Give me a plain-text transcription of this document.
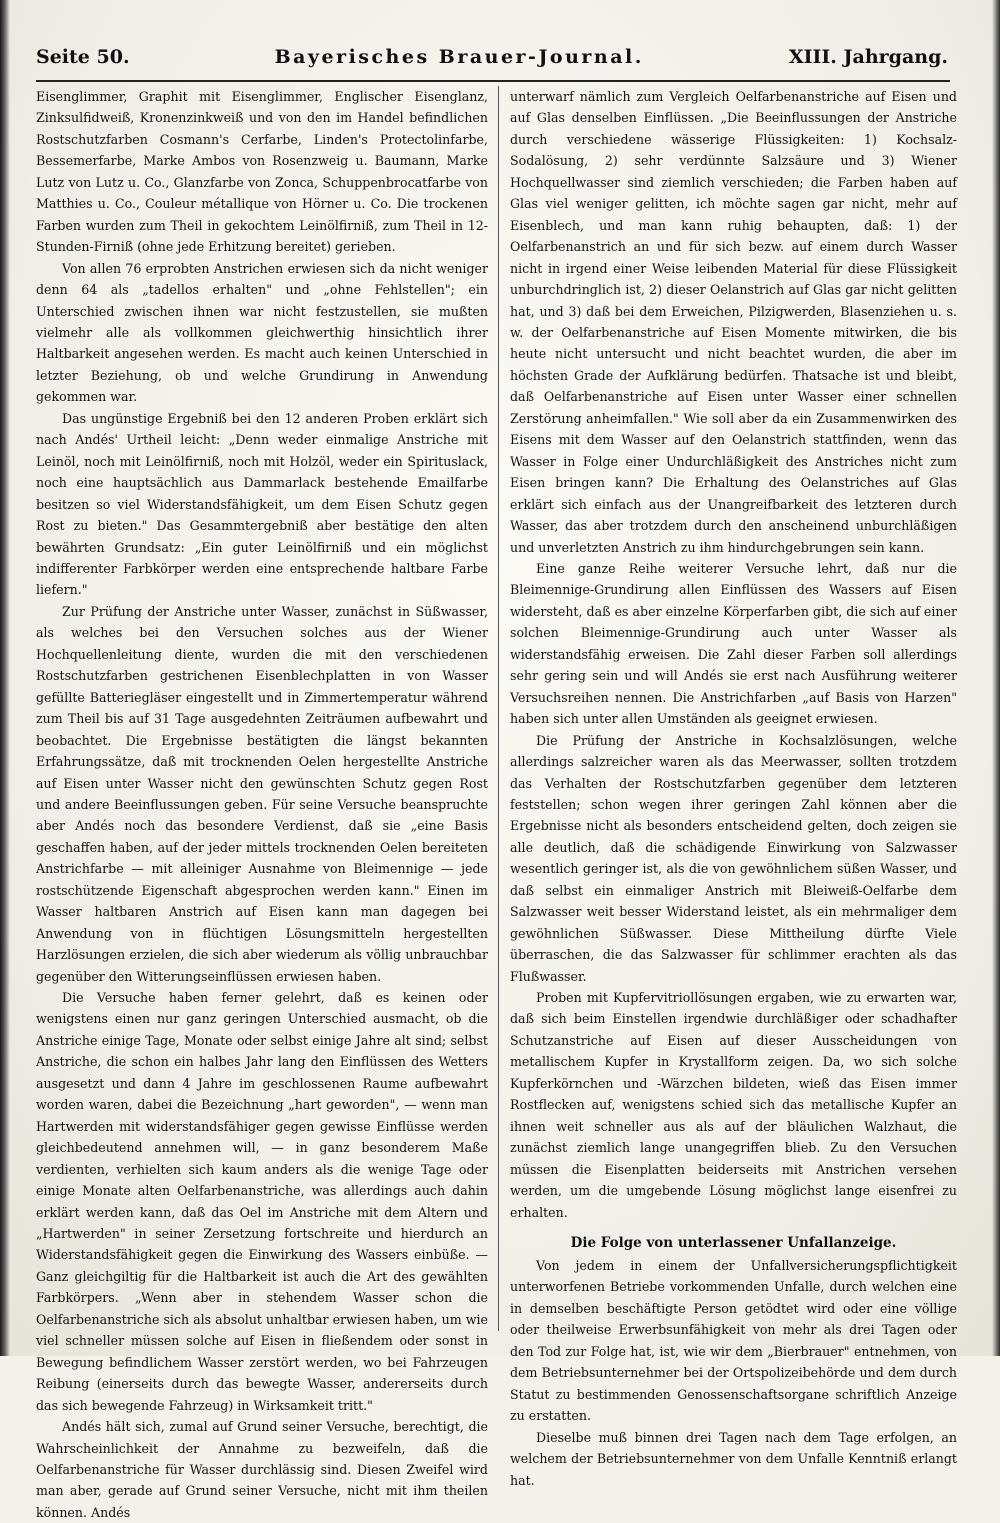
Seite 50.	Bayerisches Brauer-Journal.	XIII. Jahrgang.

Eisenglimmer, Graphit mit Eisenglimmer, Englischer Eisenglanz, Zinksulfidweiß, Kronenzinkweiß und von den im Handel befindlichen Rostschutzfarben Cosmann's Cerfarbe, Linden's Protectolinfarbe, Bessemerfarbe, Marke Ambos von Rosenzweig u. Baumann, Marke Lutz von Lutz u. Co., Glanzfarbe von Zonca, Schuppenbrocatfarbe von Matthies u. Co., Couleur métallique von Hörner u. Co. Die trockenen Farben wurden zum Theil in gekochtem Leinölfirniß, zum Theil in 12-Stunden-Firniß (ohne jede Erhitzung bereitet) gerieben.

Von allen 76 erprobten Anstrichen erwiesen sich da nicht weniger denn 64 als „tadellos erhalten" und „ohne Fehlstellen"; ein Unterschied zwischen ihnen war nicht festzustellen, sie mußten vielmehr alle als vollkommen gleichwerthig hinsichtlich ihrer Haltbarkeit angesehen werden. Es macht auch keinen Unterschied in letzter Beziehung, ob und welche Grundirung in Anwendung gekommen war.

Das ungünstige Ergebniß bei den 12 anderen Proben erklärt sich nach Andés' Urtheil leicht: „Denn weder einmalige Anstriche mit Leinöl, noch mit Leinölfirniß, noch mit Holzöl, weder ein Spirituslack, noch eine hauptsächlich aus Dammarlack bestehende Emailfarbe besitzen so viel Widerstandsfähigkeit, um dem Eisen Schutz gegen Rost zu bieten." Das Gesammtergebniß aber bestätige den alten bewährten Grundsatz: „Ein guter Leinölfirniß und ein möglichst indifferenter Farbkörper werden eine entsprechende haltbare Farbe liefern."

Zur Prüfung der Anstriche unter Wasser, zunächst in Süßwasser, als welches bei den Versuchen solches aus der Wiener Hochquellenleitung diente, wurden die mit den verschiedenen Rostschutzfarben gestrichenen Eisenblechplatten in von Wasser gefüllte Batteriegläser eingestellt und in Zimmertemperatur während zum Theil bis auf 31 Tage ausgedehnten Zeiträumen aufbewahrt und beobachtet. Die Ergebnisse bestätigten die längst bekannten Erfahrungssätze, daß mit trocknenden Oelen hergestellte Anstriche auf Eisen unter Wasser nicht den gewünschten Schutz gegen Rost und andere Beeinflussungen geben. Für seine Versuche beanspruchte aber Andés noch das besondere Verdienst, daß sie „eine Basis geschaffen haben, auf der jeder mittels trocknenden Oelen bereiteten Anstrichfarbe — mit alleiniger Ausnahme von Bleimennige — jede rostschützende Eigenschaft abgesprochen werden kann." Einen im Wasser haltbaren Anstrich auf Eisen kann man dagegen bei Anwendung von in flüchtigen Lösungsmitteln hergestellten Harzlösungen erzielen, die sich aber wiederum als völlig unbrauchbar gegenüber den Witterungseinflüssen erwiesen haben.

Die Versuche haben ferner gelehrt, daß es keinen oder wenigstens einen nur ganz geringen Unterschied ausmacht, ob die Anstriche einige Tage, Monate oder selbst einige Jahre alt sind; selbst Anstriche, die schon ein halbes Jahr lang den Einflüssen des Wetters ausgesetzt und dann 4 Jahre im geschlossenen Raume aufbewahrt worden waren, dabei die Bezeichnung „hart geworden", — wenn man Hartwerden mit widerstandsfähiger gegen gewisse Einflüsse werden gleichbedeutend annehmen will, — in ganz besonderem Maße verdienten, verhielten sich kaum anders als die wenige Tage oder einige Monate alten Oelfarbenanstriche, was allerdings auch dahin erklärt werden kann, daß das Oel im Anstriche mit dem Altern und „Hartwerden" in seiner Zersetzung fortschreite und hierdurch an Widerstandsfähigkeit gegen die Einwirkung des Wassers einbüße. — Ganz gleichgiltig für die Haltbarkeit ist auch die Art des gewählten Farbkörpers. „Wenn aber in stehendem Wasser schon die Oelfarbenanstriche sich als absolut unhaltbar erwiesen haben, um wie viel schneller müssen solche auf Eisen in fließendem oder sonst in Bewegung befindlichem Wasser zerstört werden, wo bei Fahrzeugen Reibung (einerseits durch das bewegte Wasser, andererseits durch das sich bewegende Fahrzeug) in Wirksamkeit tritt."

Andés hält sich, zumal auf Grund seiner Versuche, berechtigt, die Wahrscheinlichkeit der Annahme zu bezweifeln, daß die Oelfarbenanstriche für Wasser durchlässig sind. Diesen Zweifel wird man aber, gerade auf Grund seiner Versuche, nicht mit ihm theilen können. Andés

unterwarf nämlich zum Vergleich Oelfarbenanstriche auf Eisen und auf Glas denselben Einflüssen. „Die Beeinflussungen der Anstriche durch verschiedene wässerige Flüssigkeiten: 1) Kochsalz-Sodalösung, 2) sehr verdünnte Salzsäure und 3) Wiener Hochquellwasser sind ziemlich verschieden; die Farben haben auf Glas viel weniger gelitten, ich möchte sagen gar nicht, mehr auf Eisenblech, und man kann ruhig behaupten, daß: 1) der Oelfarbenanstrich an und für sich bezw. auf einem durch Wasser nicht in irgend einer Weise leibenden Material für diese Flüssigkeit unburchdringlich ist, 2) dieser Oelanstrich auf Glas gar nicht gelitten hat, und 3) daß bei dem Erweichen, Pilzigwerden, Blasenziehen u. s. w. der Oelfarbenanstriche auf Eisen Momente mitwirken, die bis heute nicht untersucht und nicht beachtet wurden, die aber im höchsten Grade der Aufklärung bedürfen. Thatsache ist und bleibt, daß Oelfarbenanstriche auf Eisen unter Wasser einer schnellen Zerstörung anheimfallen." Wie soll aber da ein Zusammenwirken des Eisens mit dem Wasser auf den Oelanstrich stattfinden, wenn das Wasser in Folge einer Undurchläßigkeit des Anstriches nicht zum Eisen bringen kann? Die Erhaltung des Oelanstriches auf Glas erklärt sich einfach aus der Unangreifbarkeit des letzteren durch Wasser, das aber trotzdem durch den anscheinend unburchläßigen und unverletzten Anstrich zu ihm hindurchgebrungen sein kann.

Eine ganze Reihe weiterer Versuche lehrt, daß nur die Bleimennige-Grundirung allen Einflüssen des Wassers auf Eisen widersteht, daß es aber einzelne Körperfarben gibt, die sich auf einer solchen Bleimennige-Grundirung auch unter Wasser als widerstandsfähig erweisen. Die Zahl dieser Farben soll allerdings sehr gering sein und will Andés sie erst nach Ausführung weiterer Versuchsreihen nennen. Die Anstrichfarben „auf Basis von Harzen" haben sich unter allen Umständen als geeignet erwiesen.

Die Prüfung der Anstriche in Kochsalzlösungen, welche allerdings salzreicher waren als das Meerwasser, sollten trotzdem das Verhalten der Rostschutzfarben gegenüber dem letzteren feststellen; schon wegen ihrer geringen Zahl können aber die Ergebnisse nicht als besonders entscheidend gelten, doch zeigen sie alle deutlich, daß die schädigende Einwirkung von Salzwasser wesentlich geringer ist, als die von gewöhnlichem süßen Wasser, und daß selbst ein einmaliger Anstrich mit Bleiweiß-Oelfarbe dem Salzwasser weit besser Widerstand leistet, als ein mehrmaliger dem gewöhnlichen Süßwasser. Diese Mittheilung dürfte Viele überraschen, die das Salzwasser für schlimmer erachten als das Flußwasser.

Proben mit Kupfervitriollösungen ergaben, wie zu erwarten war, daß sich beim Einstellen irgendwie durchläßiger oder schadhafter Schutzanstriche auf Eisen auf dieser Ausscheidungen von metallischem Kupfer in Krystallform zeigen. Da, wo sich solche Kupferkörnchen und -Wärzchen bildeten, wieß das Eisen immer Rostflecken auf, wenigstens schied sich das metallische Kupfer an ihnen weit schneller aus als auf der bläulichen Walzhaut, die zunächst ziemlich lange unangegriffen blieb. Zu den Versuchen müssen die Eisenplatten beiderseits mit Anstrichen versehen werden, um die umgebende Lösung möglichst lange eisenfrei zu erhalten.

Die Folge von unterlassener Unfallanzeige.

Von jedem in einem der Unfallversicherungspflichtigkeit unterworfenen Betriebe vorkommenden Unfalle, durch welchen eine in demselben beschäftigte Person getödtet wird oder eine völlige oder theilweise Erwerbsunfähigkeit von mehr als drei Tagen oder den Tod zur Folge hat, ist, wie wir dem „Bierbrauer" entnehmen, von dem Betriebsunternehmer bei der Ortspolizeibehörde und dem durch Statut zu bestimmenden Genossenschaftsorgane schriftlich Anzeige zu erstatten.

Dieselbe muß binnen drei Tagen nach dem Tage erfolgen, an welchem der Betriebsunternehmer von dem Unfalle Kenntniß erlangt hat.
